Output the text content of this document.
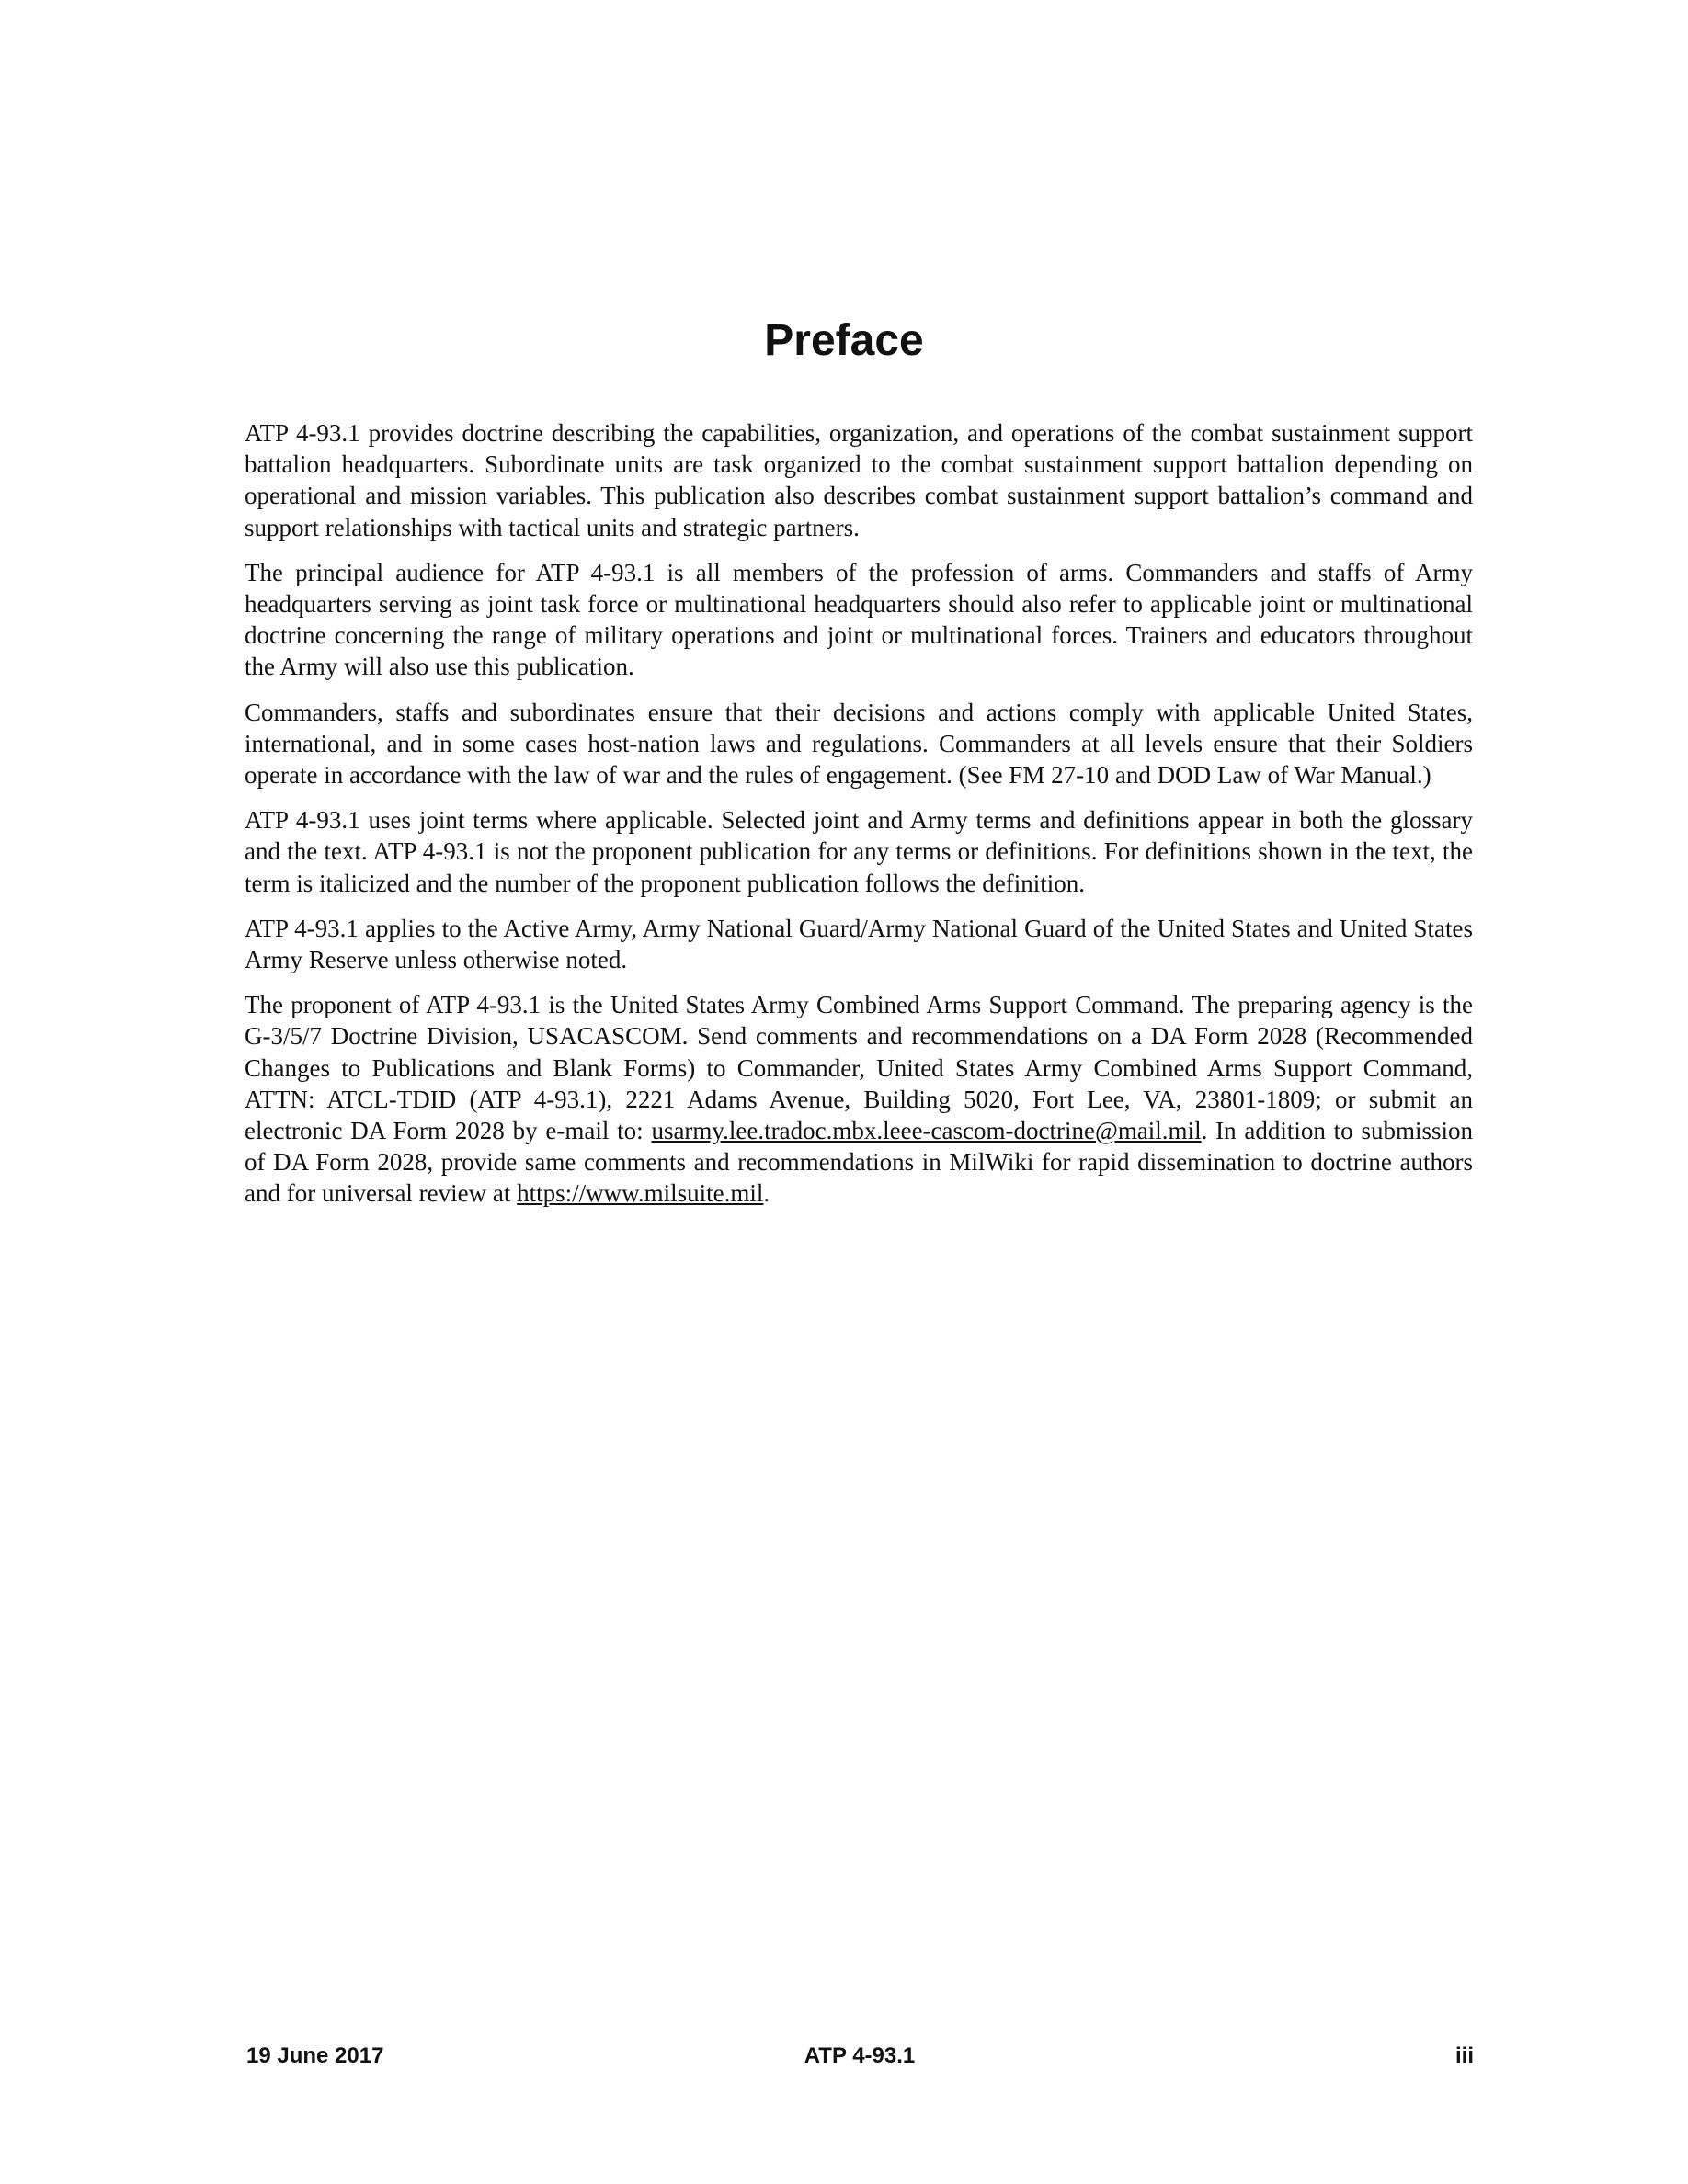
Preface

ATP 4-93.1 provides doctrine describing the capabilities, organization, and operations of the combat sustainment support battalion headquarters. Subordinate units are task organized to the combat sustainment support battalion depending on operational and mission variables. This publication also describes combat sustainment support battalion’s command and support relationships with tactical units and strategic partners.

The principal audience for ATP 4-93.1 is all members of the profession of arms. Commanders and staffs of Army headquarters serving as joint task force or multinational headquarters should also refer to applicable joint or multinational doctrine concerning the range of military operations and joint or multinational forces. Trainers and educators throughout the Army will also use this publication.

Commanders, staffs and subordinates ensure that their decisions and actions comply with applicable United States, international, and in some cases host-nation laws and regulations. Commanders at all levels ensure that their Soldiers operate in accordance with the law of war and the rules of engagement. (See FM 27-10 and DOD Law of War Manual.)

ATP 4-93.1 uses joint terms where applicable. Selected joint and Army terms and definitions appear in both the glossary and the text. ATP 4-93.1 is not the proponent publication for any terms or definitions. For definitions shown in the text, the term is italicized and the number of the proponent publication follows the definition.

ATP 4-93.1 applies to the Active Army, Army National Guard/Army National Guard of the United States and United States Army Reserve unless otherwise noted.

The proponent of ATP 4-93.1 is the United States Army Combined Arms Support Command. The preparing agency is the G-3/5/7 Doctrine Division, USACASCOM. Send comments and recommendations on a DA Form 2028 (Recommended Changes to Publications and Blank Forms) to Commander, United States Army Combined Arms Support Command, ATTN: ATCL-TDID (ATP 4-93.1), 2221 Adams Avenue, Building 5020, Fort Lee, VA, 23801-1809; or submit an electronic DA Form 2028 by e-mail to: usarmy.lee.tradoc.mbx.leee-cascom-doctrine@mail.mil. In addition to submission of DA Form 2028, provide same comments and recommendations in MilWiki for rapid dissemination to doctrine authors and for universal review at https://www.milsuite.mil.

19 June 2017	ATP 4-93.1	iii
